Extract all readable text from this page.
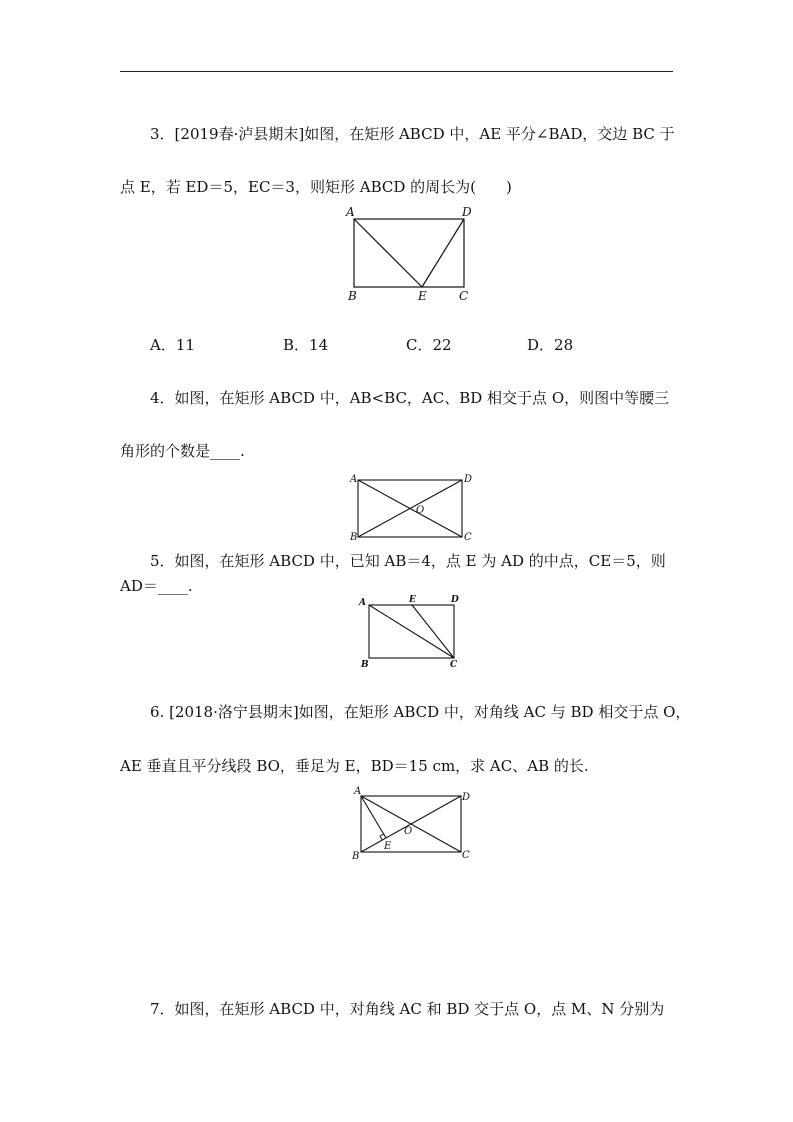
3．[2019春·泸县期末]如图，在矩形 ABCD 中，AE 平分∠BAD，交边 BC 于
点 E，若 ED＝5，EC＝3，则矩形 ABCD 的周长为(　　)
A	D
B	E	C
A．11	B．14	C．22	D．28
4．如图，在矩形 ABCD 中，AB<BC，AC、BD 相交于点 O，则图中等腰三
角形的个数是____.
A	D
B	C
O
5．如图，在矩形 ABCD 中，已知 AB＝4，点 E 为 AD 的中点，CE＝5，则
AD＝____.
A	E	D
B	C
6. [2018·洛宁县期末]如图，在矩形 ABCD 中，对角线 AC 与 BD 相交于点 O，
AE 垂直且平分线段 BO，垂足为 E，BD＝15 cm，求 AC、AB 的长.
A
D
B
E
O
C
7．如图，在矩形 ABCD 中，对角线 AC 和 BD 交于点 O，点 M、N 分别为
